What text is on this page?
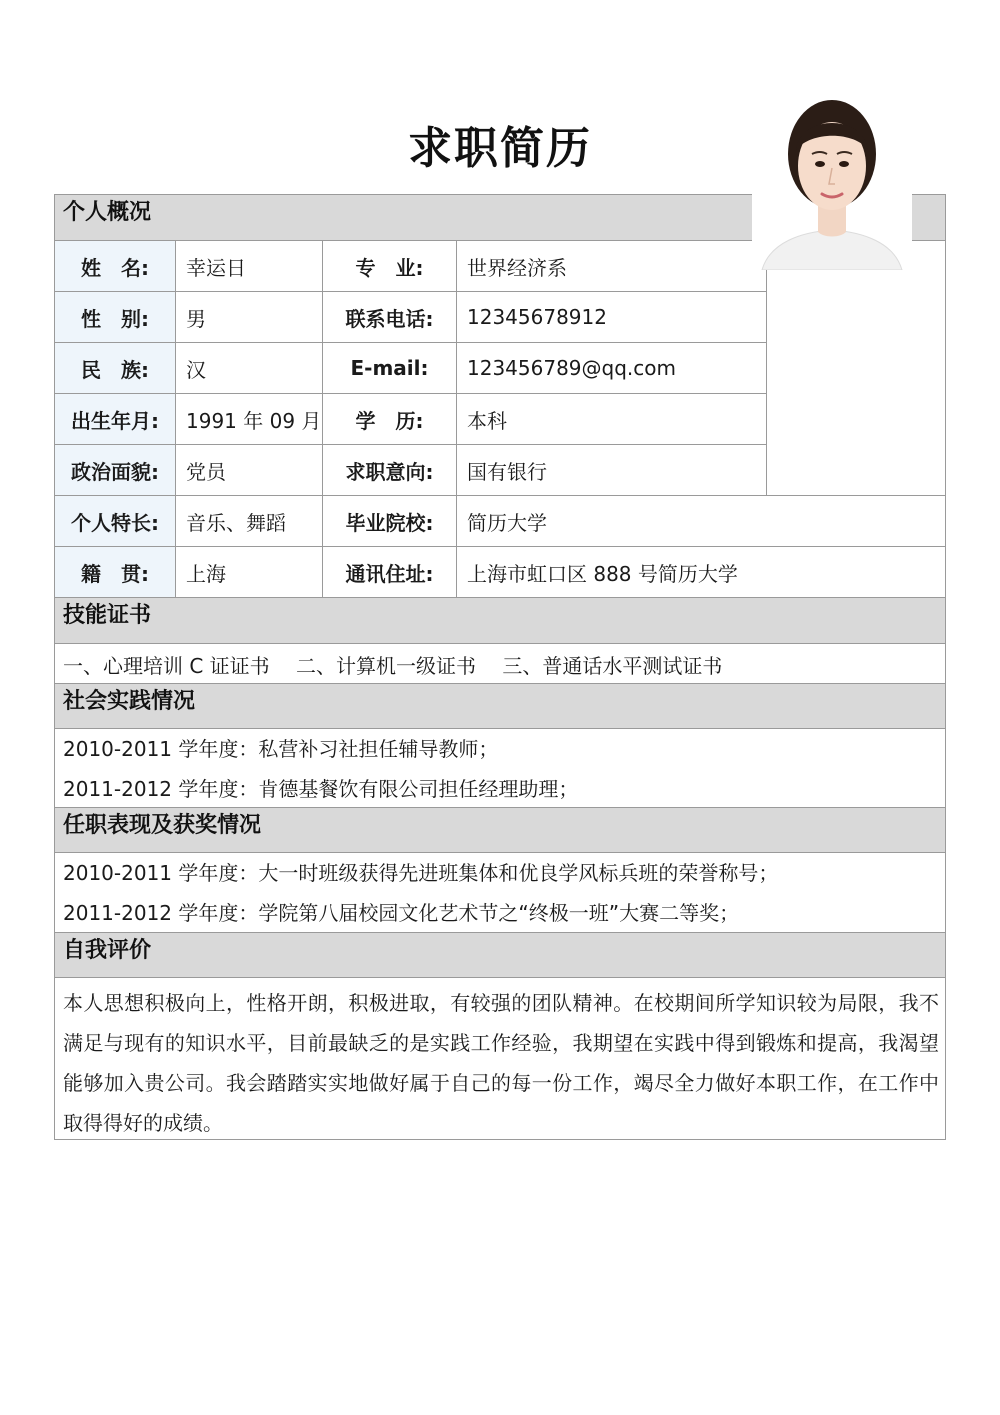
求职简历
个人概况
姓　名:	幸运日	专　业:	世界经济系
性　别:	男	联系电话:	12345678912
民　族:	汉	E-mail:	123456789@qq.com
出生年月:	1991 年 09 月	学　历:	本科
政治面貌:	党员	求职意向:	国有银行
个人特长:	音乐、舞蹈	毕业院校:	简历大学
籍　贯:	上海	通讯住址:	上海市虹口区 888 号简历大学
技能证书
一、心理培训 C 证证书　 二、计算机一级证书　 三、普通话水平测试证书
社会实践情况
2010-2011 学年度：私营补习社担任辅导教师；
2011-2012 学年度：肯德基餐饮有限公司担任经理助理；
任职表现及获奖情况
2010-2011 学年度：大一时班级获得先进班集体和优良学风标兵班的荣誉称号；
2011-2012 学年度：学院第八届校园文化艺术节之“终极一班”大赛二等奖；
自我评价
本人思想积极向上，性格开朗，积极进取，有较强的团队精神。在校期间所学知识较为局限，我不满足与现有的知识水平，目前最缺乏的是实践工作经验，我期望在实践中得到锻炼和提高，我渴望能够加入贵公司。我会踏踏实实地做好属于自己的每一份工作，竭尽全力做好本职工作，在工作中取得得好的成绩。
